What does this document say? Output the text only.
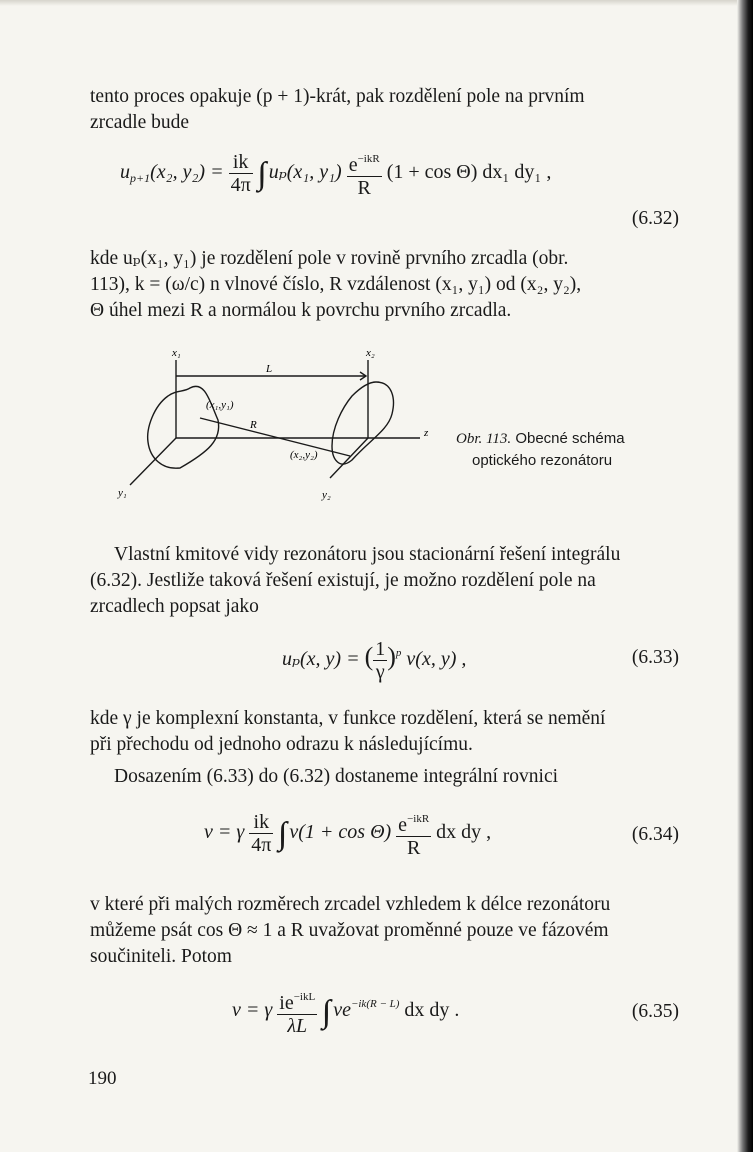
tento proces opakuje (p + 1)-krát, pak rozdělení pole na prvním
zrcadle bude
$u_{p+1}(x_2$, $y_2) = \frac{ik}{4\pi} u_p(x_1$, $y_1) \frac{e^{-ikR}}{R} (1 + \cos \Theta)$ dx₁ dy₁ ,
(6.32)
kde uₚ(x₁, y₁) je rozdělení pole v rovině prvního zrcadla (obr.
113), k = (ω/c) n vlnové číslo, R vzdálenost (x₁, y₁) od (x₂, y₂),
Θ úhel mezi R a normálou k povrchu prvního zrcadla.
x₁	x₂
L
R
z
y₁	y₂
(x₁,y₁)
(x₂,y₂)
Obr. 113. Obecné schéma
optického rezonátoru
Vlastní kmitové vidy rezonátoru jsou stacionární řešení integrálu
(6.32). Jestliže taková řešení existují, je možno rozdělení pole na
zrcadlech popsat jako
uₚ(x, y) = ( $\frac{1}{\gamma} )^p$ v(x, y) ,	(6.33)
kde γ je komplexní konstanta, v funkce rozdělení, která se nemění
při přechodu od jednoho odrazu k následujícímu.
Dosazením (6.33) do (6.32) dostaneme integrální rovnici
v = γ $\frac{ik}{4\pi} v(1 + \cos \Theta) \frac{e^{-ikR}}{R}$ dx dy ,	(6.34)
v které při malých rozměrech zrcadel vzhledem k délce rezonátoru
můžeme psát cos Θ ≈ 1 a R uvažovat proměnné pouze ve fázovém
součiniteli. Potom
v = γ $\frac{ie^{-ikL}}{\lambda L} ve^{-ik(R - L)}$ dx dy .	(6.35)
190
